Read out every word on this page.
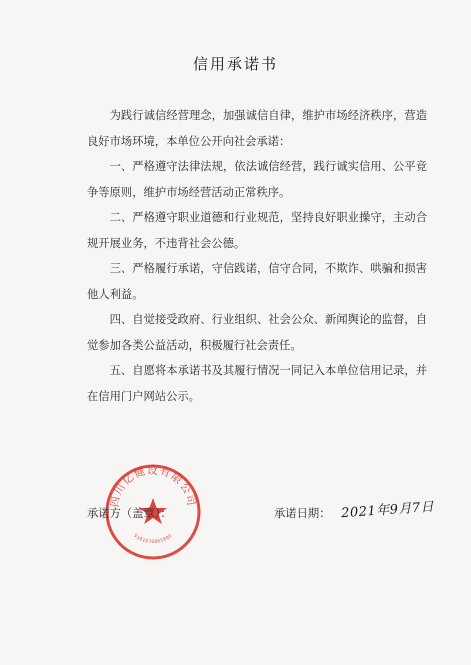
信用承诺书

为践行诚信经营理念，加强诚信自律，维护市场经济秩序，营造良好市场环境，本单位公开向社会承诺：

一、严格遵守法律法规，依法诚信经营，践行诚实信用、公平竞争等原则，维护市场经营活动正常秩序。

二、严格遵守职业道德和行业规范，坚持良好职业操守，主动合规开展业务，不违背社会公德。

三、严格履行承诺，守信践诺，信守合同，不欺诈、哄骗和损害他人利益。

四、自觉接受政府、行业组织、社会公众、新闻舆论的监督，自觉参加各类公益活动，积极履行社会责任。

五、自愿将本承诺书及其履行情况一同记入本单位信用记录，并在信用门户网站公示。

四川亿健设有限公司
5101076005800
承诺方（盖章）：	承诺日期： 2021年9月7日
